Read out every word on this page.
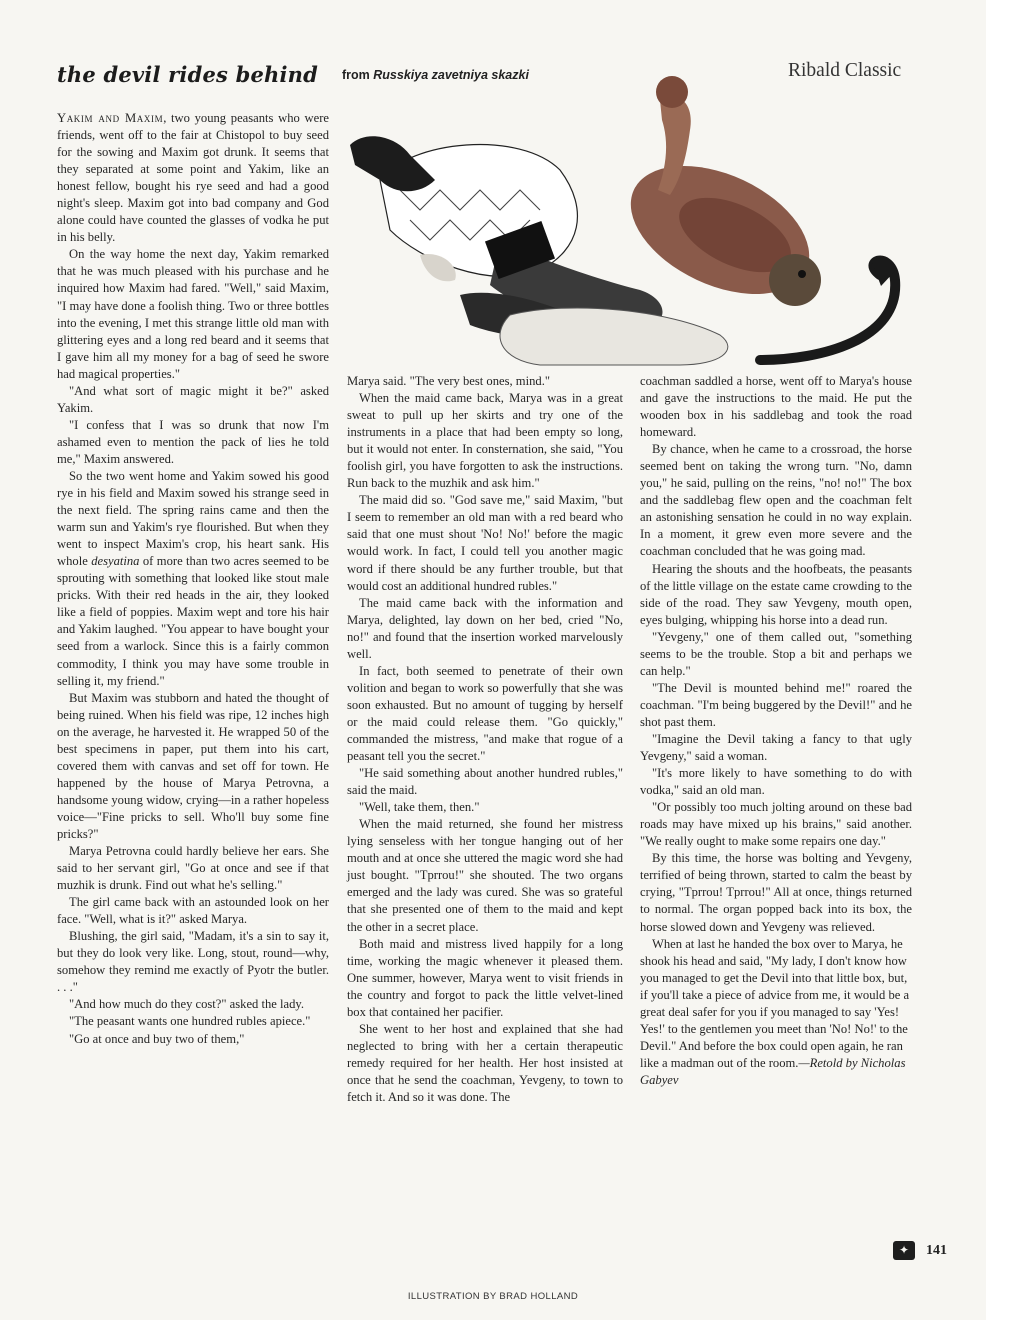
the devil rides behind from Russkiya zavetniya skazki	Ribald Classic

Yakim and Maxim, two young peasants who were friends, went off to the fair at Chistopol to buy seed for the sowing and Maxim got drunk. It seems that they separated at some point and Yakim, like an honest fellow, bought his rye seed and had a good night's sleep. Maxim got into bad company and God alone could have counted the glasses of vodka he put in his belly.

On the way home the next day, Yakim remarked that he was much pleased with his purchase and he inquired how Maxim had fared. "Well," said Maxim, "I may have done a foolish thing. Two or three bottles into the evening, I met this strange little old man with glittering eyes and a long red beard and it seems that I gave him all my money for a bag of seed he swore had magical properties."

"And what sort of magic might it be?" asked Yakim.

"I confess that I was so drunk that now I'm ashamed even to mention the pack of lies he told me," Maxim answered.

So the two went home and Yakim sowed his good rye in his field and Maxim sowed his strange seed in the next field. The spring rains came and then the warm sun and Yakim's rye flourished. But when they went to inspect Maxim's crop, his heart sank. His whole desyatina of more than two acres seemed to be sprouting with something that looked like stout male pricks. With their red heads in the air, they looked like a field of poppies. Maxim wept and tore his hair and Yakim laughed. "You appear to have bought your seed from a warlock. Since this is a fairly common commodity, I think you may have some trouble in selling it, my friend."

But Maxim was stubborn and hated the thought of being ruined. When his field was ripe, 12 inches high on the average, he harvested it. He wrapped 50 of the best specimens in paper, put them into his cart, covered them with canvas and set off for town. He happened by the house of Marya Petrovna, a handsome young widow, crying—in a rather hopeless voice—"Fine pricks to sell. Who'll buy some fine pricks?"

Marya Petrovna could hardly believe her ears. She said to her servant girl, "Go at once and see if that muzhik is drunk. Find out what he's selling."

The girl came back with an astounded look on her face. "Well, what is it?" asked Marya.

Blushing, the girl said, "Madam, it's a sin to say it, but they do look very like. Long, stout, round—why, somehow they remind me exactly of Pyotr the butler. . . ."

"And how much do they cost?" asked the lady.

"The peasant wants one hundred rubles apiece."

"Go at once and buy two of them,"

Marya said. "The very best ones, mind."

When the maid came back, Marya was in a great sweat to pull up her skirts and try one of the instruments in a place that had been empty so long, but it would not enter. In consternation, she said, "You foolish girl, you have forgotten to ask the instructions. Run back to the muzhik and ask him."

The maid did so. "God save me," said Maxim, "but I seem to remember an old man with a red beard who said that one must shout 'No! No!' before the magic would work. In fact, I could tell you another magic word if there should be any further trouble, but that would cost an additional hundred rubles."

The maid came back with the information and Marya, delighted, lay down on her bed, cried "No, no!" and found that the insertion worked marvelously well.

In fact, both seemed to penetrate of their own volition and began to work so powerfully that she was soon exhausted. But no amount of tugging by herself or the maid could release them. "Go quickly," commanded the mistress, "and make that rogue of a peasant tell you the secret."

"He said something about another hundred rubles," said the maid.

"Well, take them, then."

When the maid returned, she found her mistress lying senseless with her tongue hanging out of her mouth and at once she uttered the magic word she had just bought. "Tprrou!" she shouted. The two organs emerged and the lady was cured. She was so grateful that she presented one of them to the maid and kept the other in a secret place.

Both maid and mistress lived happily for a long time, working the magic whenever it pleased them. One summer, however, Marya went to visit friends in the country and forgot to pack the little velvet-lined box that contained her pacifier.

She went to her host and explained that she had neglected to bring with her a certain therapeutic remedy required for her health. Her host insisted at once that he send the coachman, Yevgeny, to town to fetch it. And so it was done. The

coachman saddled a horse, went off to Marya's house and gave the instructions to the maid. He put the wooden box in his saddlebag and took the road homeward.

By chance, when he came to a crossroad, the horse seemed bent on taking the wrong turn. "No, damn you," he said, pulling on the reins, "no! no!" The box and the saddlebag flew open and the coachman felt an astonishing sensation he could in no way explain. In a moment, it grew even more severe and the coachman concluded that he was going mad.

Hearing the shouts and the hoofbeats, the peasants of the little village on the estate came crowding to the side of the road. They saw Yevgeny, mouth open, eyes bulging, whipping his horse into a dead run.

"Yevgeny," one of them called out, "something seems to be the trouble. Stop a bit and perhaps we can help."

"The Devil is mounted behind me!" roared the coachman. "I'm being buggered by the Devil!" and he shot past them.

"Imagine the Devil taking a fancy to that ugly Yevgeny," said a woman.

"It's more likely to have something to do with vodka," said an old man.

"Or possibly too much jolting around on these bad roads may have mixed up his brains," said another. "We really ought to make some repairs one day."

By this time, the horse was bolting and Yevgeny, terrified of being thrown, started to calm the beast by crying, "Tprrou! Tprrou!" All at once, things returned to normal. The organ popped back into its box, the horse slowed down and Yevgeny was relieved.

When at last he handed the box over to Marya, he shook his head and said, "My lady, I don't know how you managed to get the Devil into that little box, but, if you'll take a piece of advice from me, it would be a great deal safer for you if you managed to say 'Yes! Yes!' to the gentlemen you meet than 'No! No!' to the Devil." And before the box could open again, he ran like a madman out of the room.—Retold by Nicholas Gabyev

✦	141
ILLUSTRATION BY BRAD HOLLAND
